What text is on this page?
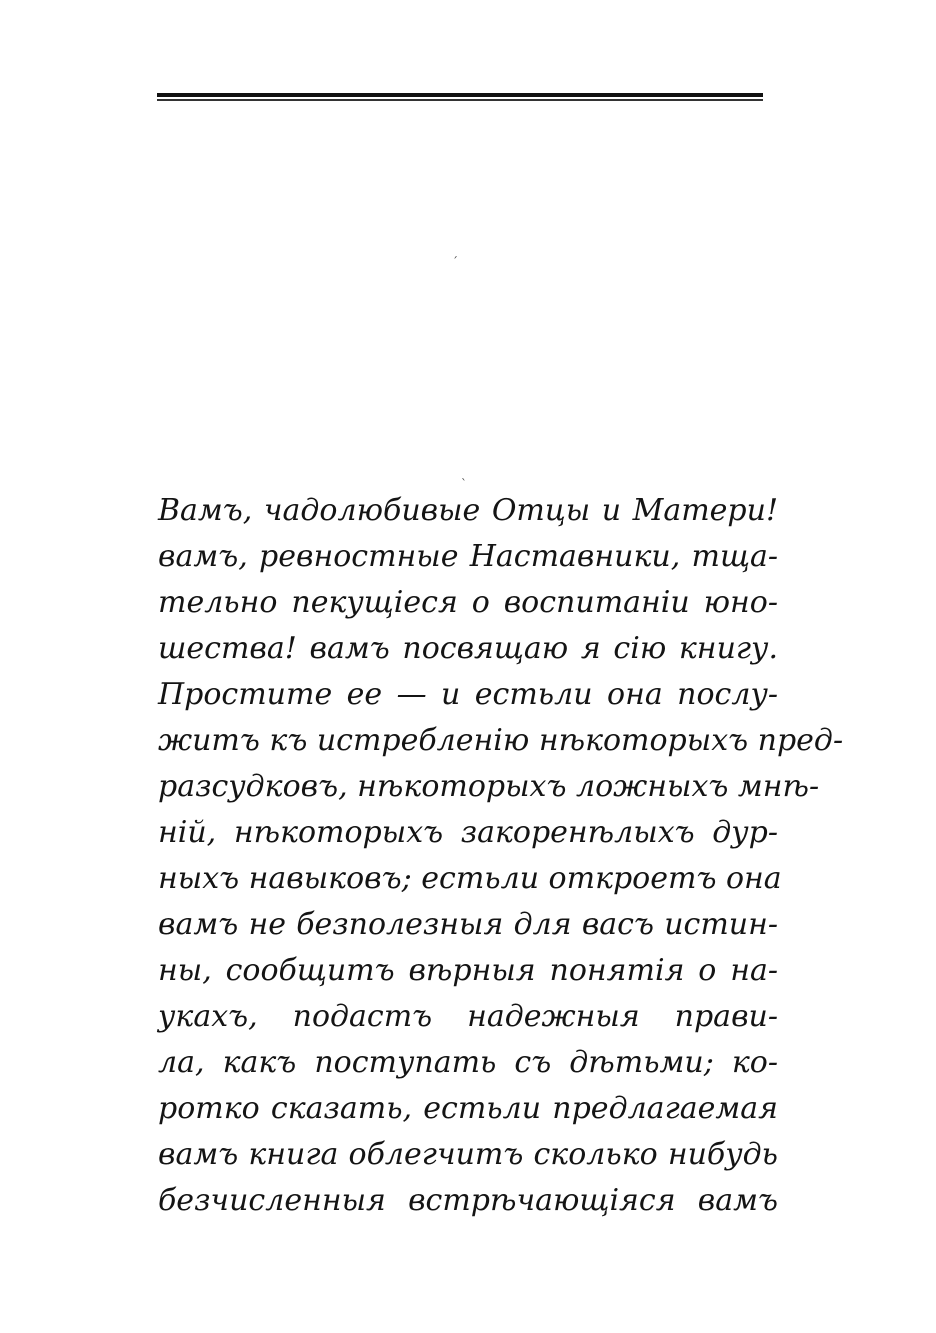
ˊ
ˋ
Вамъ, чадолюбивые Отцы и Матери!
вамъ, ревностные Наставники, тща-
тельно пекущiеся о воспитанiи юно-
шества! вамъ посвящаю я сiю книгу.
Простите ее — и естьли она послу-
житъ къ истребленiю нѣкоторыхъ пред-
разсудковъ, нѣкоторыхъ ложныхъ мнѣ-
нiй, нѣкоторыхъ закоренѣлыхъ дур-
ныхъ навыковъ; естьли откроетъ она
вамъ не безполезныя для васъ истин-
ны, сообщитъ вѣрныя понятiя о на-
укахъ, подастъ надежныя прави-
ла, какъ поступать съ дѣтьми; ко-
ротко сказать, естьли предлагаемая
вамъ книга облегчитъ сколько нибудь
безчисленныя встрѣчающiяся вамъ
